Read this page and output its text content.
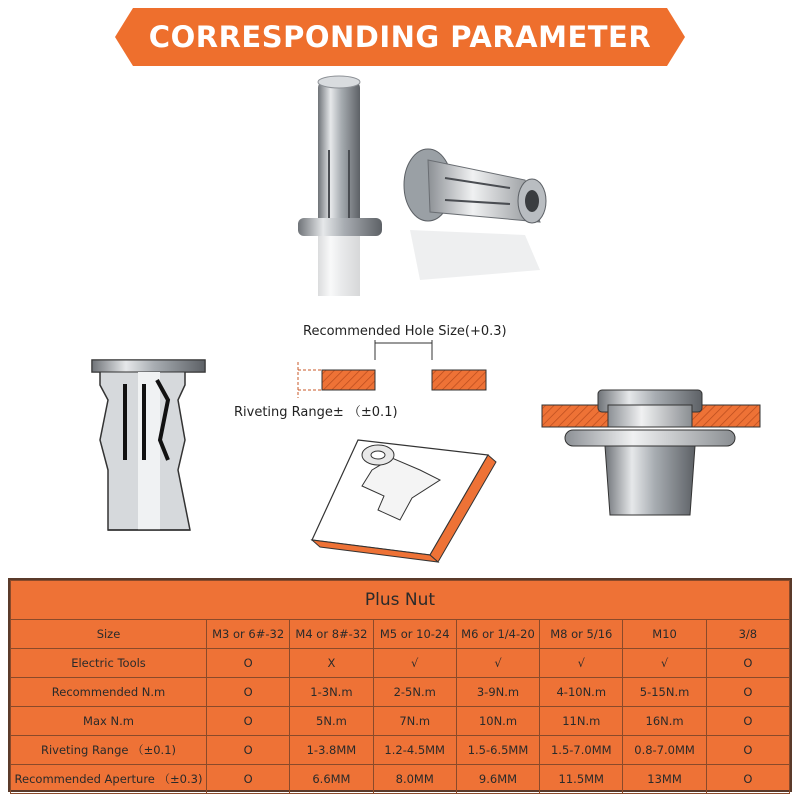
CORRESPONDING PARAMETER
Recommended Hole Size(+0.3)
Riveting Range± （±0.1)
Plus Nut							
Size	M3 or 6#-32	M4 or 8#-32	M5 or 10-24	M6 or 1/4-20	M8 or 5/16	M10	3/8
Electric Tools	O	X	√	√	√	√	O
Recommended N.m	O	1-3N.m	2-5N.m	3-9N.m	4-10N.m	5-15N.m	O
Max N.m	O	5N.m	7N.m	10N.m	11N.m	16N.m	O
Riveting Range （±0.1)	O	1-3.8MM	1.2-4.5MM	1.5-6.5MM	1.5-7.0MM	0.8-7.0MM	O
Recommended Aperture （±0.3)	O	6.6MM	8.0MM	9.6MM	11.5MM	13MM	O
